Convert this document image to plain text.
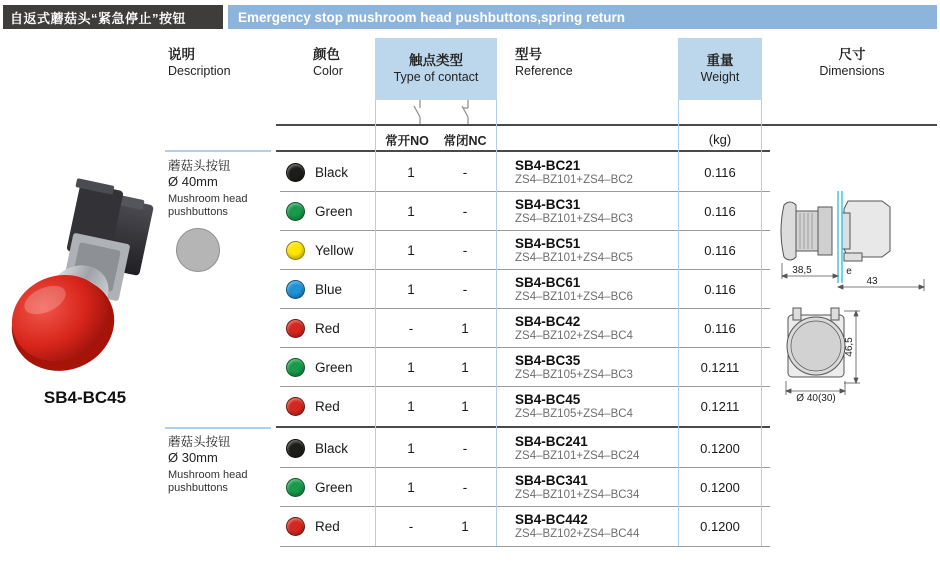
自返式蘑菇头“紧急停止”按钮	Emergency stop mushroom head pushbuttons,spring return
SB4-BC45
说明
Description
颜色
Color
触点类型
Type of contact
型号
Reference
重量
Weight
尺寸
Dimensions
常开NO	常闭NC	(kg)
蘑菇头按钮
Ø 40mm
Mushroom head
pushbuttons
蘑菇头按钮
Ø 30mm
Mushroom head
pushbuttons
Black	1	-	SB4-BC21
ZS4–BZ101+ZS4–BC2	0.116
Green	1	-	SB4-BC31
ZS4–BZ101+ZS4–BC3	0.116
Yellow	1	-	SB4-BC51
ZS4–BZ101+ZS4–BC5	0.116
Blue	1	-	SB4-BC61
ZS4–BZ101+ZS4–BC6	0.116
Red	-	1	SB4-BC42
ZS4–BZ102+ZS4–BC4	0.116
Green	1	1	SB4-BC35
ZS4–BZ105+ZS4–BC3	0.1211
Red	1	1	SB4-BC45
ZS4–BZ105+ZS4–BC4	0.1211
Black	1	-	SB4-BC241
ZS4–BZ101+ZS4–BC24	0.1200
Green	1	-	SB4-BC341
ZS4–BZ101+ZS4–BC34	0.1200
Red	-	1	SB4-BC442
ZS4–BZ102+ZS4–BC44	0.1200
38,5	e
43
46,5
Ø 40(30)
